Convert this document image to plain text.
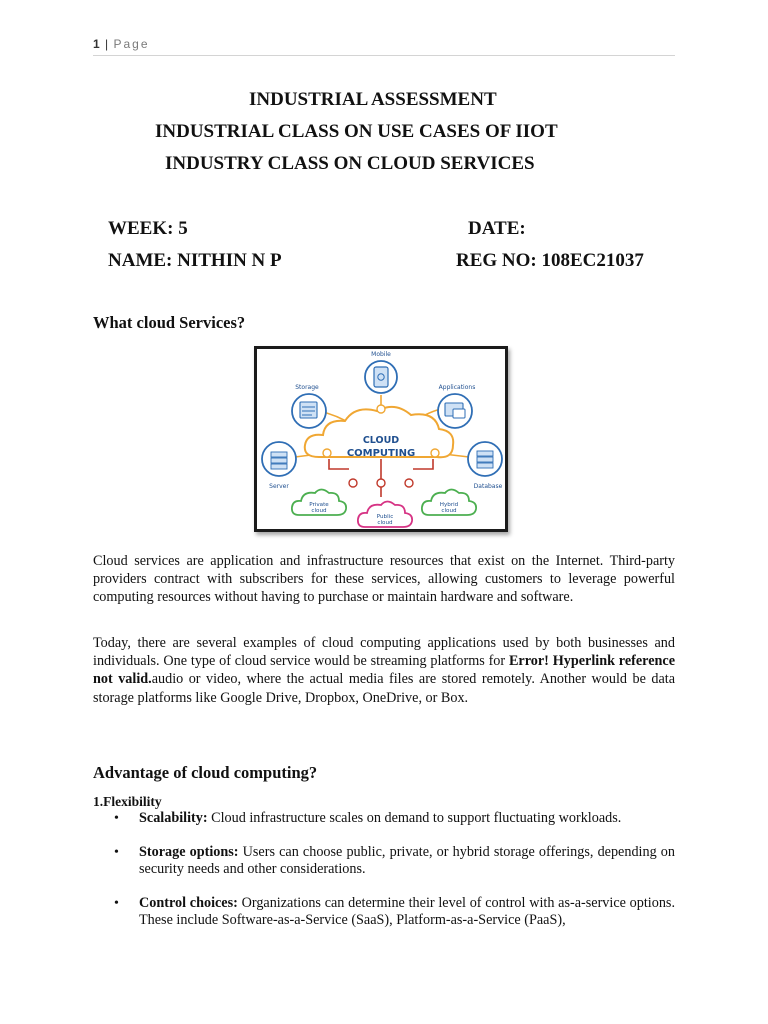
1 | Page
INDUSTRIAL ASSESSMENT
INDUSTRIAL CLASS ON USE CASES OF IIOT
INDUSTRY CLASS ON CLOUD SERVICES
WEEK: 5	DATE:
NAME: NITHIN N P	REG NO: 108EC21037
What cloud Services?
CLOUD
COMPUTING
Mobile
Storage	Applications
Server	Database
Private
cloud
Public
cloud
Hybrid
cloud

Cloud services are application and infrastructure resources that exist on the Internet. Third-party providers contract with subscribers for these services, allowing customers to leverage powerful computing resources without having to purchase or maintain hardware and software.

Today, there are several examples of cloud computing applications used by both businesses and individuals. One type of cloud service would be streaming platforms for Error! Hyperlink reference not valid.audio or video, where the actual media files are stored remotely. Another would be data storage platforms like Google Drive, Dropbox, OneDrive, or Box.

Advantage of cloud computing?
1.Flexibility
• Scalability: Cloud infrastructure scales on demand to support fluctuating workloads.
• Storage options: Users can choose public, private, or hybrid storage offerings, depending on security needs and other considerations.
• Control choices: Organizations can determine their level of control with as-a-service options. These include Software-as-a-Service (SaaS), Platform-as-a-Service (PaaS),
